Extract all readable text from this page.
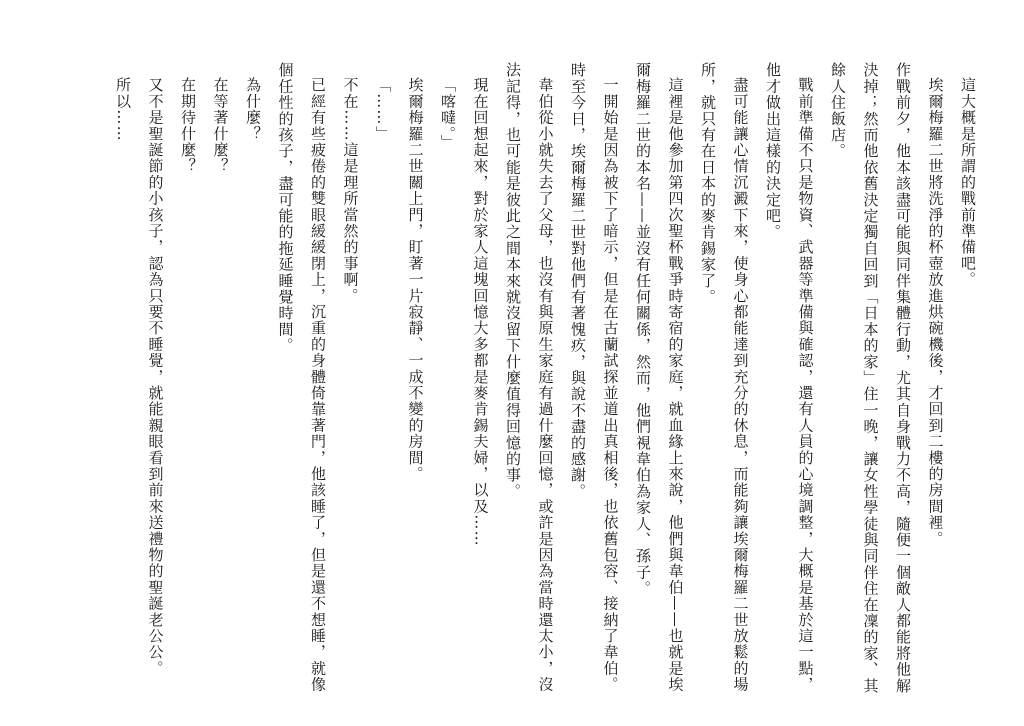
這大概是所謂的戰前準備吧。

埃爾梅羅二世將洗淨的杯壺放進烘碗機後，才回到二樓的房間裡。

作戰前夕，他本該盡可能與同伴集體行動，尤其自身戰力不高，隨便一個敵人都能將他解決掉；然而他依舊決定獨自回到「日本的家」住一晚，讓女性學徒與同伴住在凜的家、其餘人住飯店。

戰前準備不只是物資、武器等準備與確認，還有人員的心境調整，大概是基於這一點，他才做出這樣的決定吧。

盡可能讓心情沉澱下來，使身心都能達到充分的休息，而能夠讓埃爾梅羅二世放鬆的場所，就只有在日本的麥肯錫家了。

這裡是他參加第四次聖杯戰爭時寄宿的家庭，就血緣上來說，他們與韋伯——也就是埃爾梅羅二世的本名——並沒有任何關係，然而，他們視韋伯為家人、孫子。

一開始是因為被下了暗示，但是在古蘭試探並道出真相後，也依舊包容、接納了韋伯。

時至今日，埃爾梅羅二世對他們有著愧疚，與說不盡的感謝。

韋伯從小就失去了父母，也沒有與原生家庭有過什麼回憶，或許是因為當時還太小，沒法記得，也可能是彼此之間本來就沒留下什麼值得回憶的事。

現在回想起來，對於家人這塊回憶大多都是麥肯錫夫婦，以及……

「喀噠。」

埃爾梅羅二世關上門，盯著一片寂靜、一成不變的房間。

「……」

不在……這是理所當然的事啊。

已經有些疲倦的雙眼緩緩閉上，沉重的身體倚靠著門，他該睡了，但是還不想睡，就像個任性的孩子，盡可能的拖延睡覺時間。

為什麼？

在等著什麼？

在期待什麼？

又不是聖誕節的小孩子，認為只要不睡覺，就能親眼看到前來送禮物的聖誕老公公。

所以……
